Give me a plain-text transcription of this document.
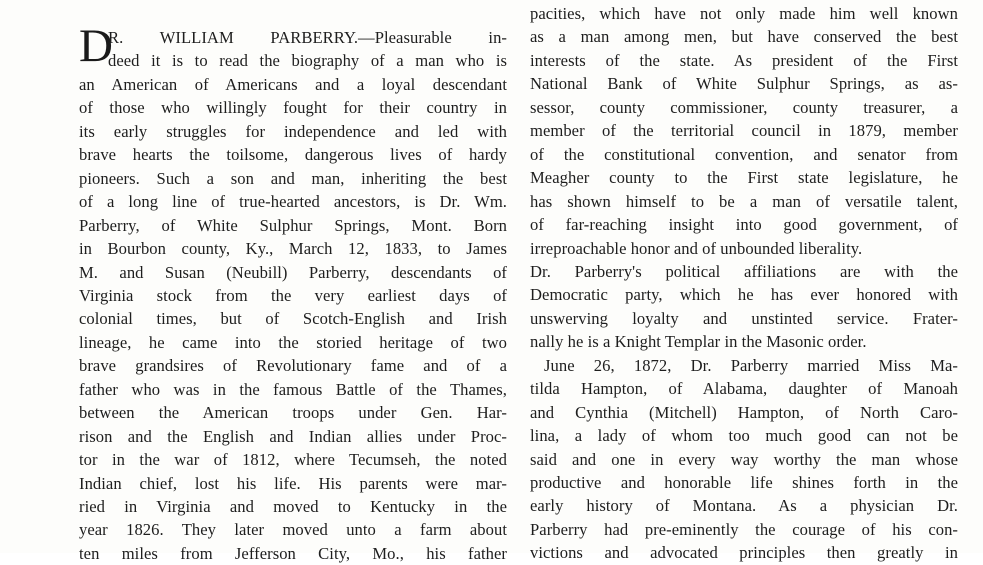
D
R. WILLIAM PARBERRY.—Pleasurable in-
deed it is to read the biography of a man who is
an American of Americans and a loyal descendant
of those who willingly fought for their country in
its early struggles for independence and led with
brave hearts the toilsome, dangerous lives of hardy
pioneers. Such a son and man, inheriting the best
of a long line of true-hearted ancestors, is Dr. Wm.
Parberry, of White Sulphur Springs, Mont. Born
in Bourbon county, Ky., March 12, 1833, to James
M. and Susan (Neubill) Parberry, descendants of
Virginia stock from the very earliest days of
colonial times, but of Scotch-English and Irish
lineage, he came into the storied heritage of two
brave grandsires of Revolutionary fame and of a
father who was in the famous Battle of the Thames,
between the American troops under Gen. Har-
rison and the English and Indian allies under Proc-
tor in the war of 1812, where Tecumseh, the noted
Indian chief, lost his life. His parents were mar-
ried in Virginia and moved to Kentucky in the
year 1826. They later moved unto a farm about
ten miles from Jefferson City, Mo., his father
pacities, which have not only made him well known
as a man among men, but have conserved the best
interests of the state. As president of the First
National Bank of White Sulphur Springs, as as-
sessor, county commissioner, county treasurer, a
member of the territorial council in 1879, member
of the constitutional convention, and senator from
Meagher county to the First state legislature, he
has shown himself to be a man of versatile talent,
of far-reaching insight into good government, of
irreproachable honor and of unbounded liberality.
Dr. Parberry's political affiliations are with the
Democratic party, which he has ever honored with
unswerving loyalty and unstinted service. Frater-
nally he is a Knight Templar in the Masonic order.
June 26, 1872, Dr. Parberry married Miss Ma-
tilda Hampton, of Alabama, daughter of Manoah
and Cynthia (Mitchell) Hampton, of North Caro-
lina, a lady of whom too much good can not be
said and one in every way worthy the man whose
productive and honorable life shines forth in the
early history of Montana. As a physician Dr.
Parberry had pre-eminently the courage of his con-
victions and advocated principles then greatly in
